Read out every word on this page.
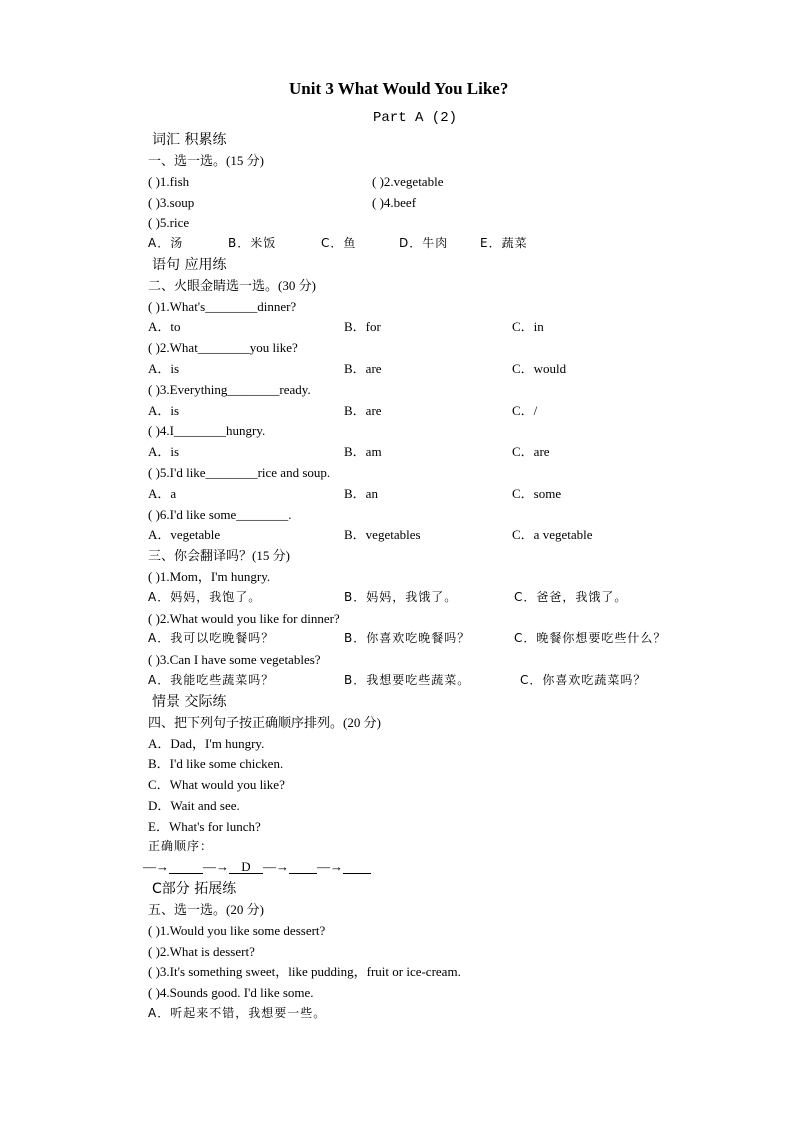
Unit 3 What Would You Like?
Part A (2)
词汇 积累练
一、选一选。(15 分)
( )1.fish	( )2.vegetable
( )3.soup	( )4.beef
( )5.rice
A．汤	B．米饭	C．鱼	D．牛肉	E．蔬菜
语句 应用练
二、火眼金睛选一选。(30 分)
( )1.What's________dinner?
A．to	B．for	C．in
( )2.What________you like?
A．is	B．are	C．would
( )3.Everything________ready.
A．is	B．are	C．/
( )4.I________hungry.
A．is	B．am	C．are
( )5.I'd like________rice and soup.
A．a	B．an	C．some
( )6.I'd like some________.
A．vegetable	B．vegetables	C．a vegetable
三、你会翻译吗？(15 分)
( )1.Mom，I'm hungry.
A．妈妈，我饱了。	B．妈妈，我饿了。	C．爸爸，我饿了。
( )2.What would you like for dinner?
A．我可以吃晚餐吗？	B．你喜欢吃晚餐吗？	C．晚餐你想要吃些什么？
( )3.Can I have some vegetables?
A．我能吃些蔬菜吗？	B．我想要吃些蔬菜。	C．你喜欢吃蔬菜吗？
情景 交际练
四、把下列句子按正确顺序排列。(20 分)
A．Dad，I'm hungry.
B．I'd like some chicken.
C．What would you like?
D．Wait and see.
E．What's for lunch?
正确顺序：
—→	—→ D —→ —→
C部分 拓展练
五、选一选。(20 分)
( )1.Would you like some dessert?
( )2.What is dessert?
( )3.It's something sweet，like pudding，fruit or ice-cream.
( )4.Sounds good. I'd like some.
A．听起来不错，我想要一些。
